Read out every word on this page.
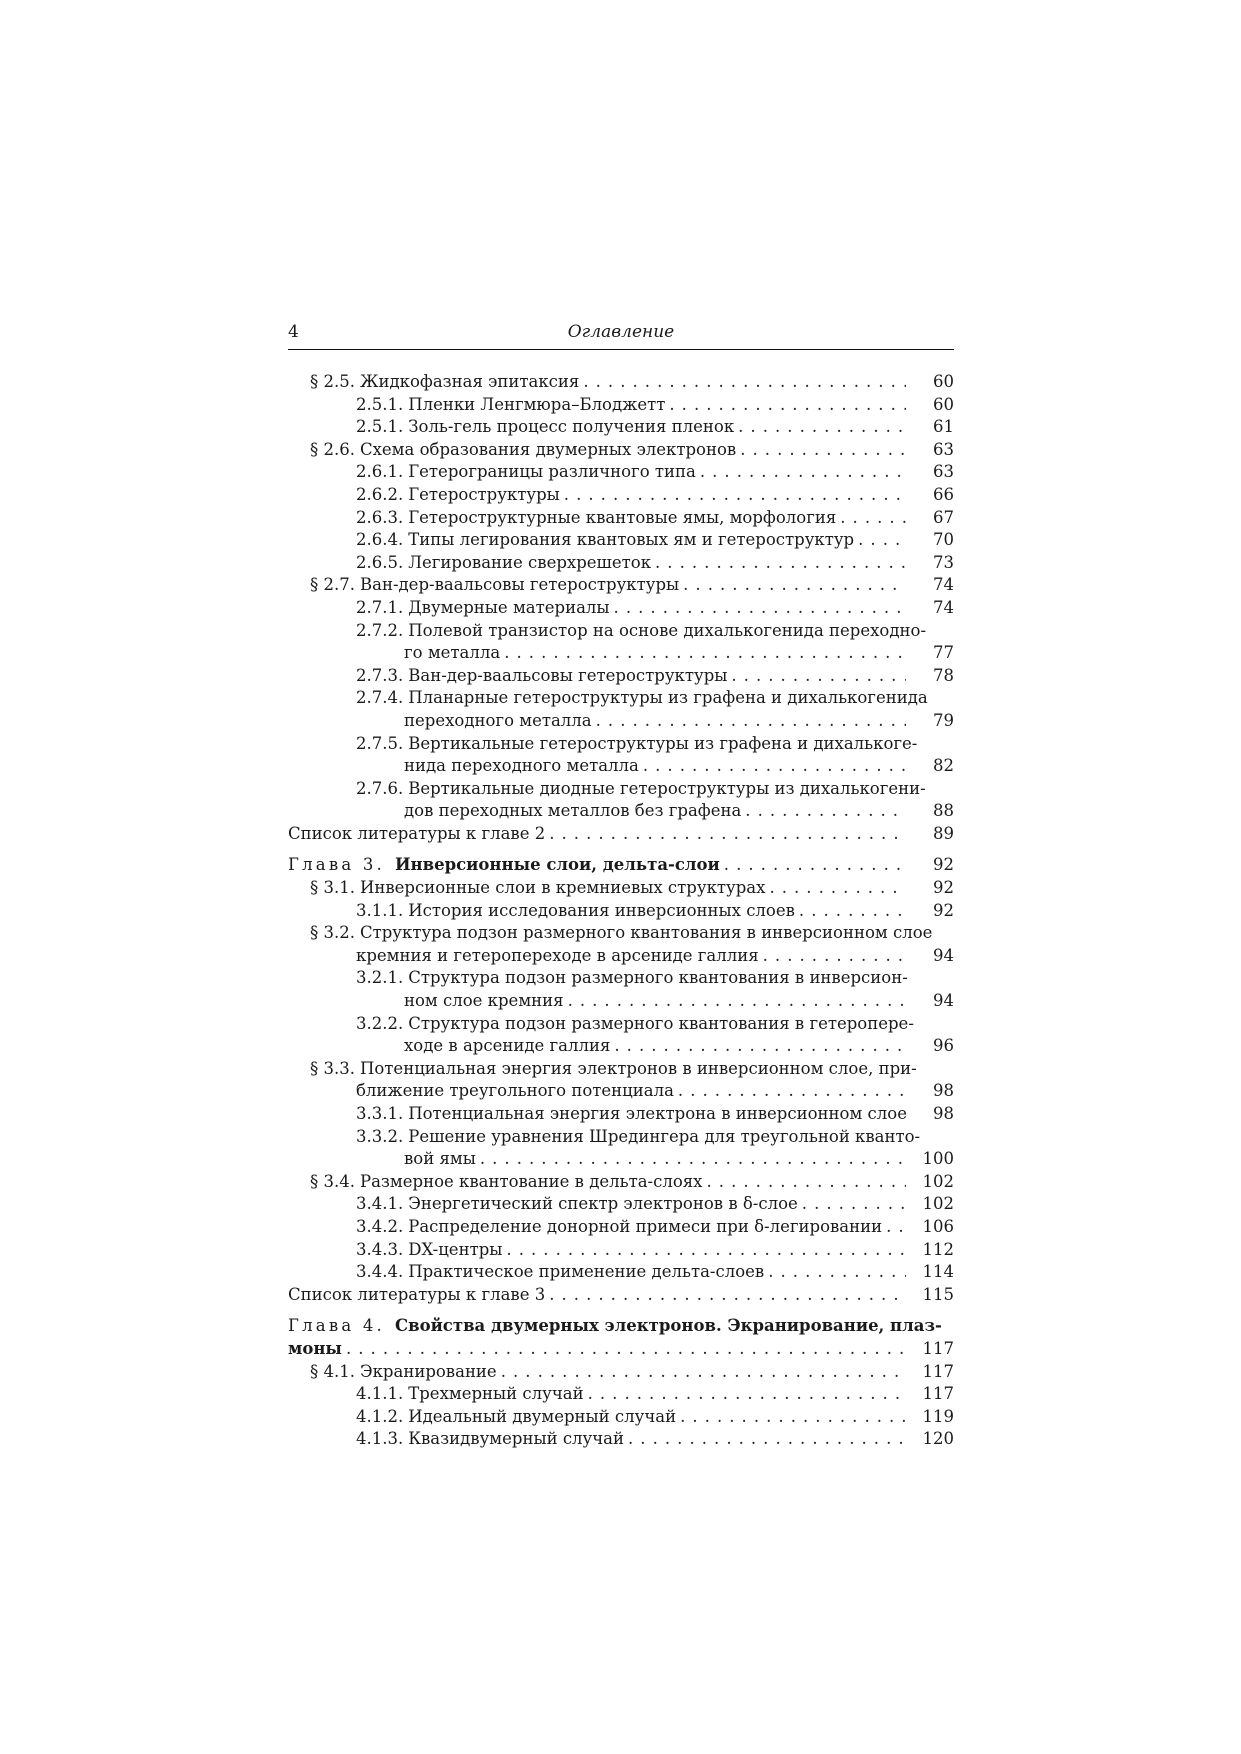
4	Оглавление
§ 2.5. Жидкофазная эпитаксия . . .	60
2.5.1. Пленки Ленгмюра–Блоджетт . . .	60
2.5.1. Золь-гель процесс получения пленок . . .	61
§ 2.6. Схема образования двумерных электронов . . .	63
2.6.1. Гетерограницы различного типа . . .	63
2.6.2. Гетероструктуры . . .	66
2.6.3. Гетероструктурные квантовые ямы, морфология . . .	67
2.6.4. Типы легирования квантовых ям и гетероструктур . . .	70
2.6.5. Легирование сверхрешеток . . .	73
§ 2.7. Ван-дер-ваальсовы гетероструктуры . . .	74
2.7.1. Двумерные материалы . . .	74
2.7.2. Полевой транзистор на основе дихалькогенида переходно-
го металла . . .	77
2.7.3. Ван-дер-ваальсовы гетероструктуры . . .	78
2.7.4. Планарные гетероструктуры из графена и дихалькогенида
переходного металла . . .	79
2.7.5. Вертикальные гетероструктуры из графена и дихалькоге-
нида переходного металла . . .	82
2.7.6. Вертикальные диодные гетероструктуры из дихалькогени-
дов переходных металлов без графена . . .	88
Список литературы к главе 2 . . .	89
Глава 3. Инверсионные слои, дельта-слои . . .	92
§ 3.1. Инверсионные слои в кремниевых структурах . . .	92
3.1.1. История исследования инверсионных слоев . . .	92
§ 3.2. Структура подзон размерного квантования в инверсионном слое
кремния и гетеропереходе в арсениде галлия . . .	94
3.2.1. Структура подзон размерного квантования в инверсион-
ном слое кремния . . .	94
3.2.2. Структура подзон размерного квантования в гетеропере-
ходе в арсениде галлия . . .	96
§ 3.3. Потенциальная энергия электронов в инверсионном слое, при-
ближение треугольного потенциала . . .	98
3.3.1. Потенциальная энергия электрона в инверсионном слое . . . 98
3.3.2. Решение уравнения Шредингера для треугольной кванто-
вой ямы . . .	100
§ 3.4. Размерное квантование в дельта-слоях . . .	102
3.4.1. Энергетический спектр электронов в δ-слое . . .	102
3.4.2. Распределение донорной примеси при δ-легировании . . . 106
3.4.3. DX-центры . . .	112
3.4.4. Практическое применение дельта-слоев . . .	114
Список литературы к главе 3 . . .	115
Глава 4. Свойства двумерных электронов. Экранирование, плаз-
моны . . .	117
§ 4.1. Экранирование . . .	117
4.1.1. Трехмерный случай . . .	117
4.1.2. Идеальный двумерный случай . . .	119
4.1.3. Квазидвумерный случай . . .	120
